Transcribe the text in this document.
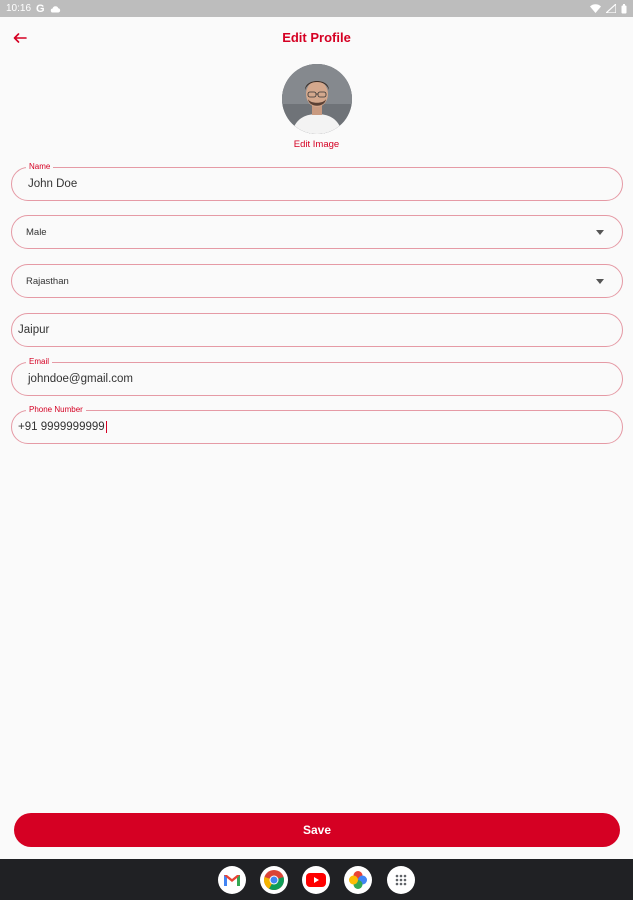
10:16 G
Edit Profile
Edit Image
Name
John Doe
Male
Rajasthan
Jaipur
Email
johndoe@gmail.com
Phone Number
+91 9999999999
Save
